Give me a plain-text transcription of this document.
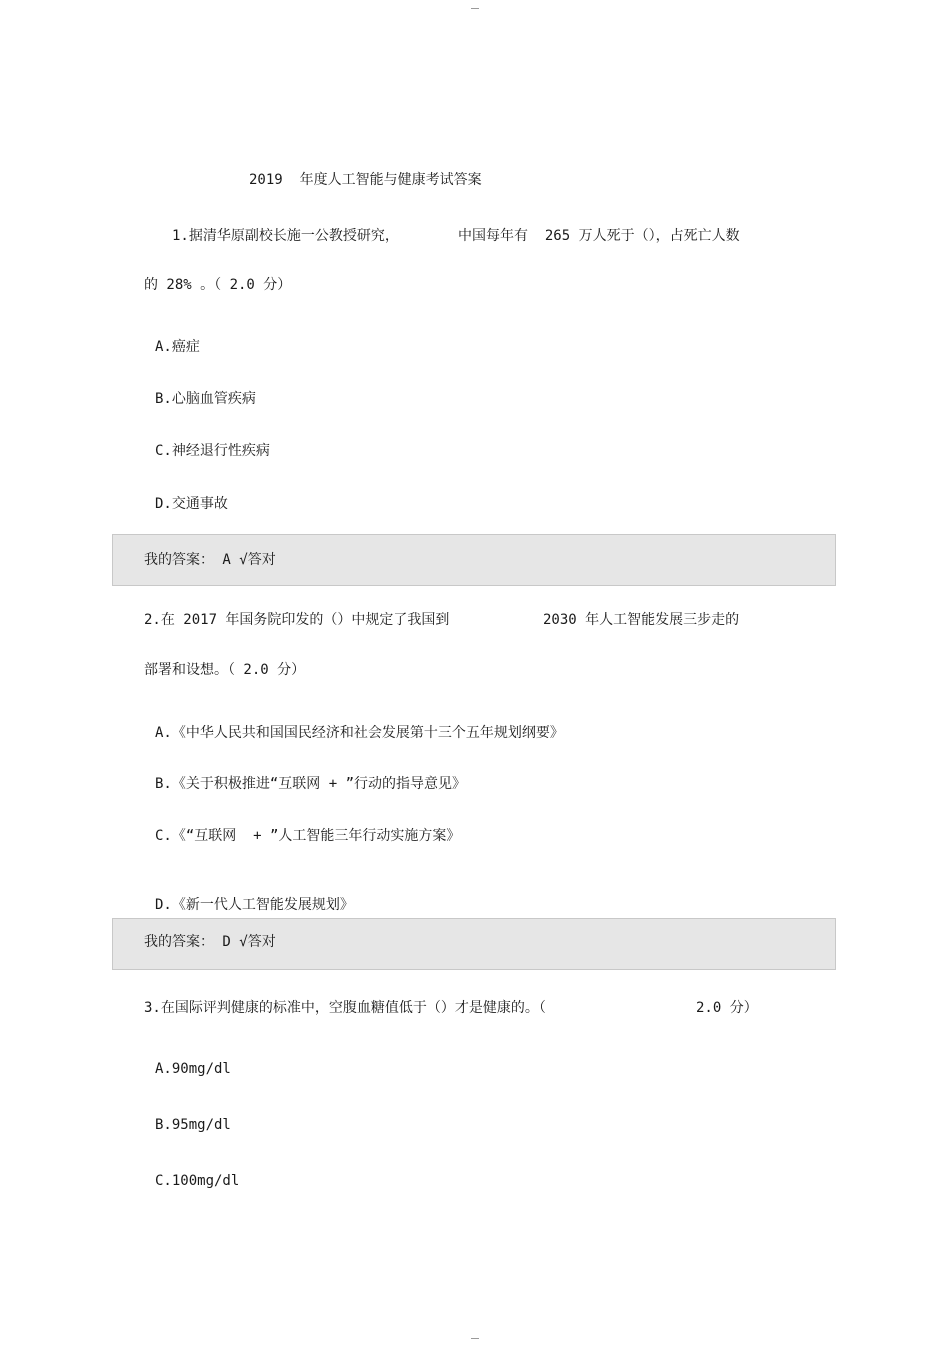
2019  年度人工智能与健康考试答案
1.据清华原副校长施一公教授研究，	中国每年有  265 万人死于（），占死亡人数
的 28% 。（ 2.0 分）
A.癌症
B.心脑血管疾病
C.神经退行性疾病
D.交通事故
我的答案： A √答对
2.在 2017 年国务院印发的（）中规定了我国到	2030 年人工智能发展三步走的
部署和设想。（ 2.0 分）
A.《中华人民共和国国民经济和社会发展第十三个五年规划纲要》
B.《关于积极推进“互联网 + ”行动的指导意见》
C.《“互联网  + ”人工智能三年行动实施方案》
D.《新一代人工智能发展规划》
我的答案： D √答对
3.在国际评判健康的标准中，空腹血糖值低于（）才是健康的。（	2.0 分）
A.90mg/dl
B.95mg/dl
C.100mg/dl
